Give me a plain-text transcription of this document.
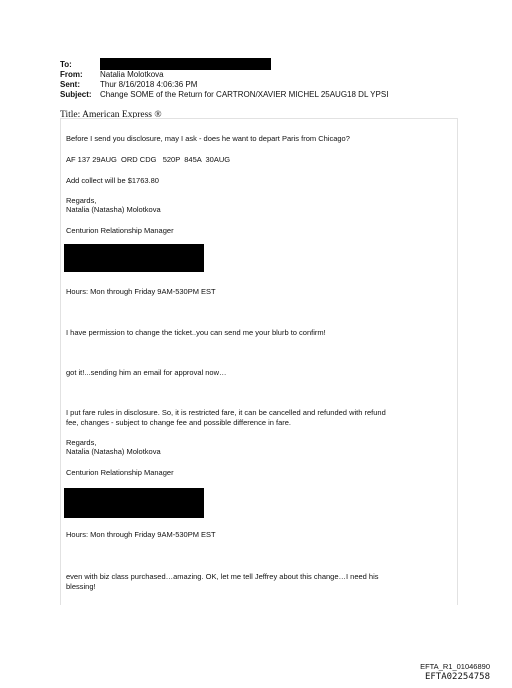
To:
From: Natalia Molotkova
Sent:	Thur 8/16/2018 4:06:36 PM
Subject: Change SOME of the Return for CARTRON/XAVIER MICHEL 25AUG18 DL YPSI
Title: American Express ®
Before I send you disclosure, may I ask - does he want to depart Paris from Chicago?
AF 137 29AUG  ORD CDG   520P  845A  30AUG
Add collect will be $1763.80
Regards,
Natalia (Natasha) Molotkova
Centurion Relationship Manager
Hours: Mon through Friday 9AM-530PM EST
I have permission to change the ticket..you can send me your blurb to confirm!
got it!...sending him an email for approval now…
I put fare rules in disclosure. So, it is restricted fare, it can be cancelled and refunded with refund
fee, changes - subject to change fee and possible difference in fare.
Regards,
Natalia (Natasha) Molotkova
Centurion Relationship Manager
Hours: Mon through Friday 9AM-530PM EST
even with biz class purchased…amazing. OK, let me tell Jeffrey about this change…I need his
blessing!
EFTA_R1_01046890
EFTA02254758
